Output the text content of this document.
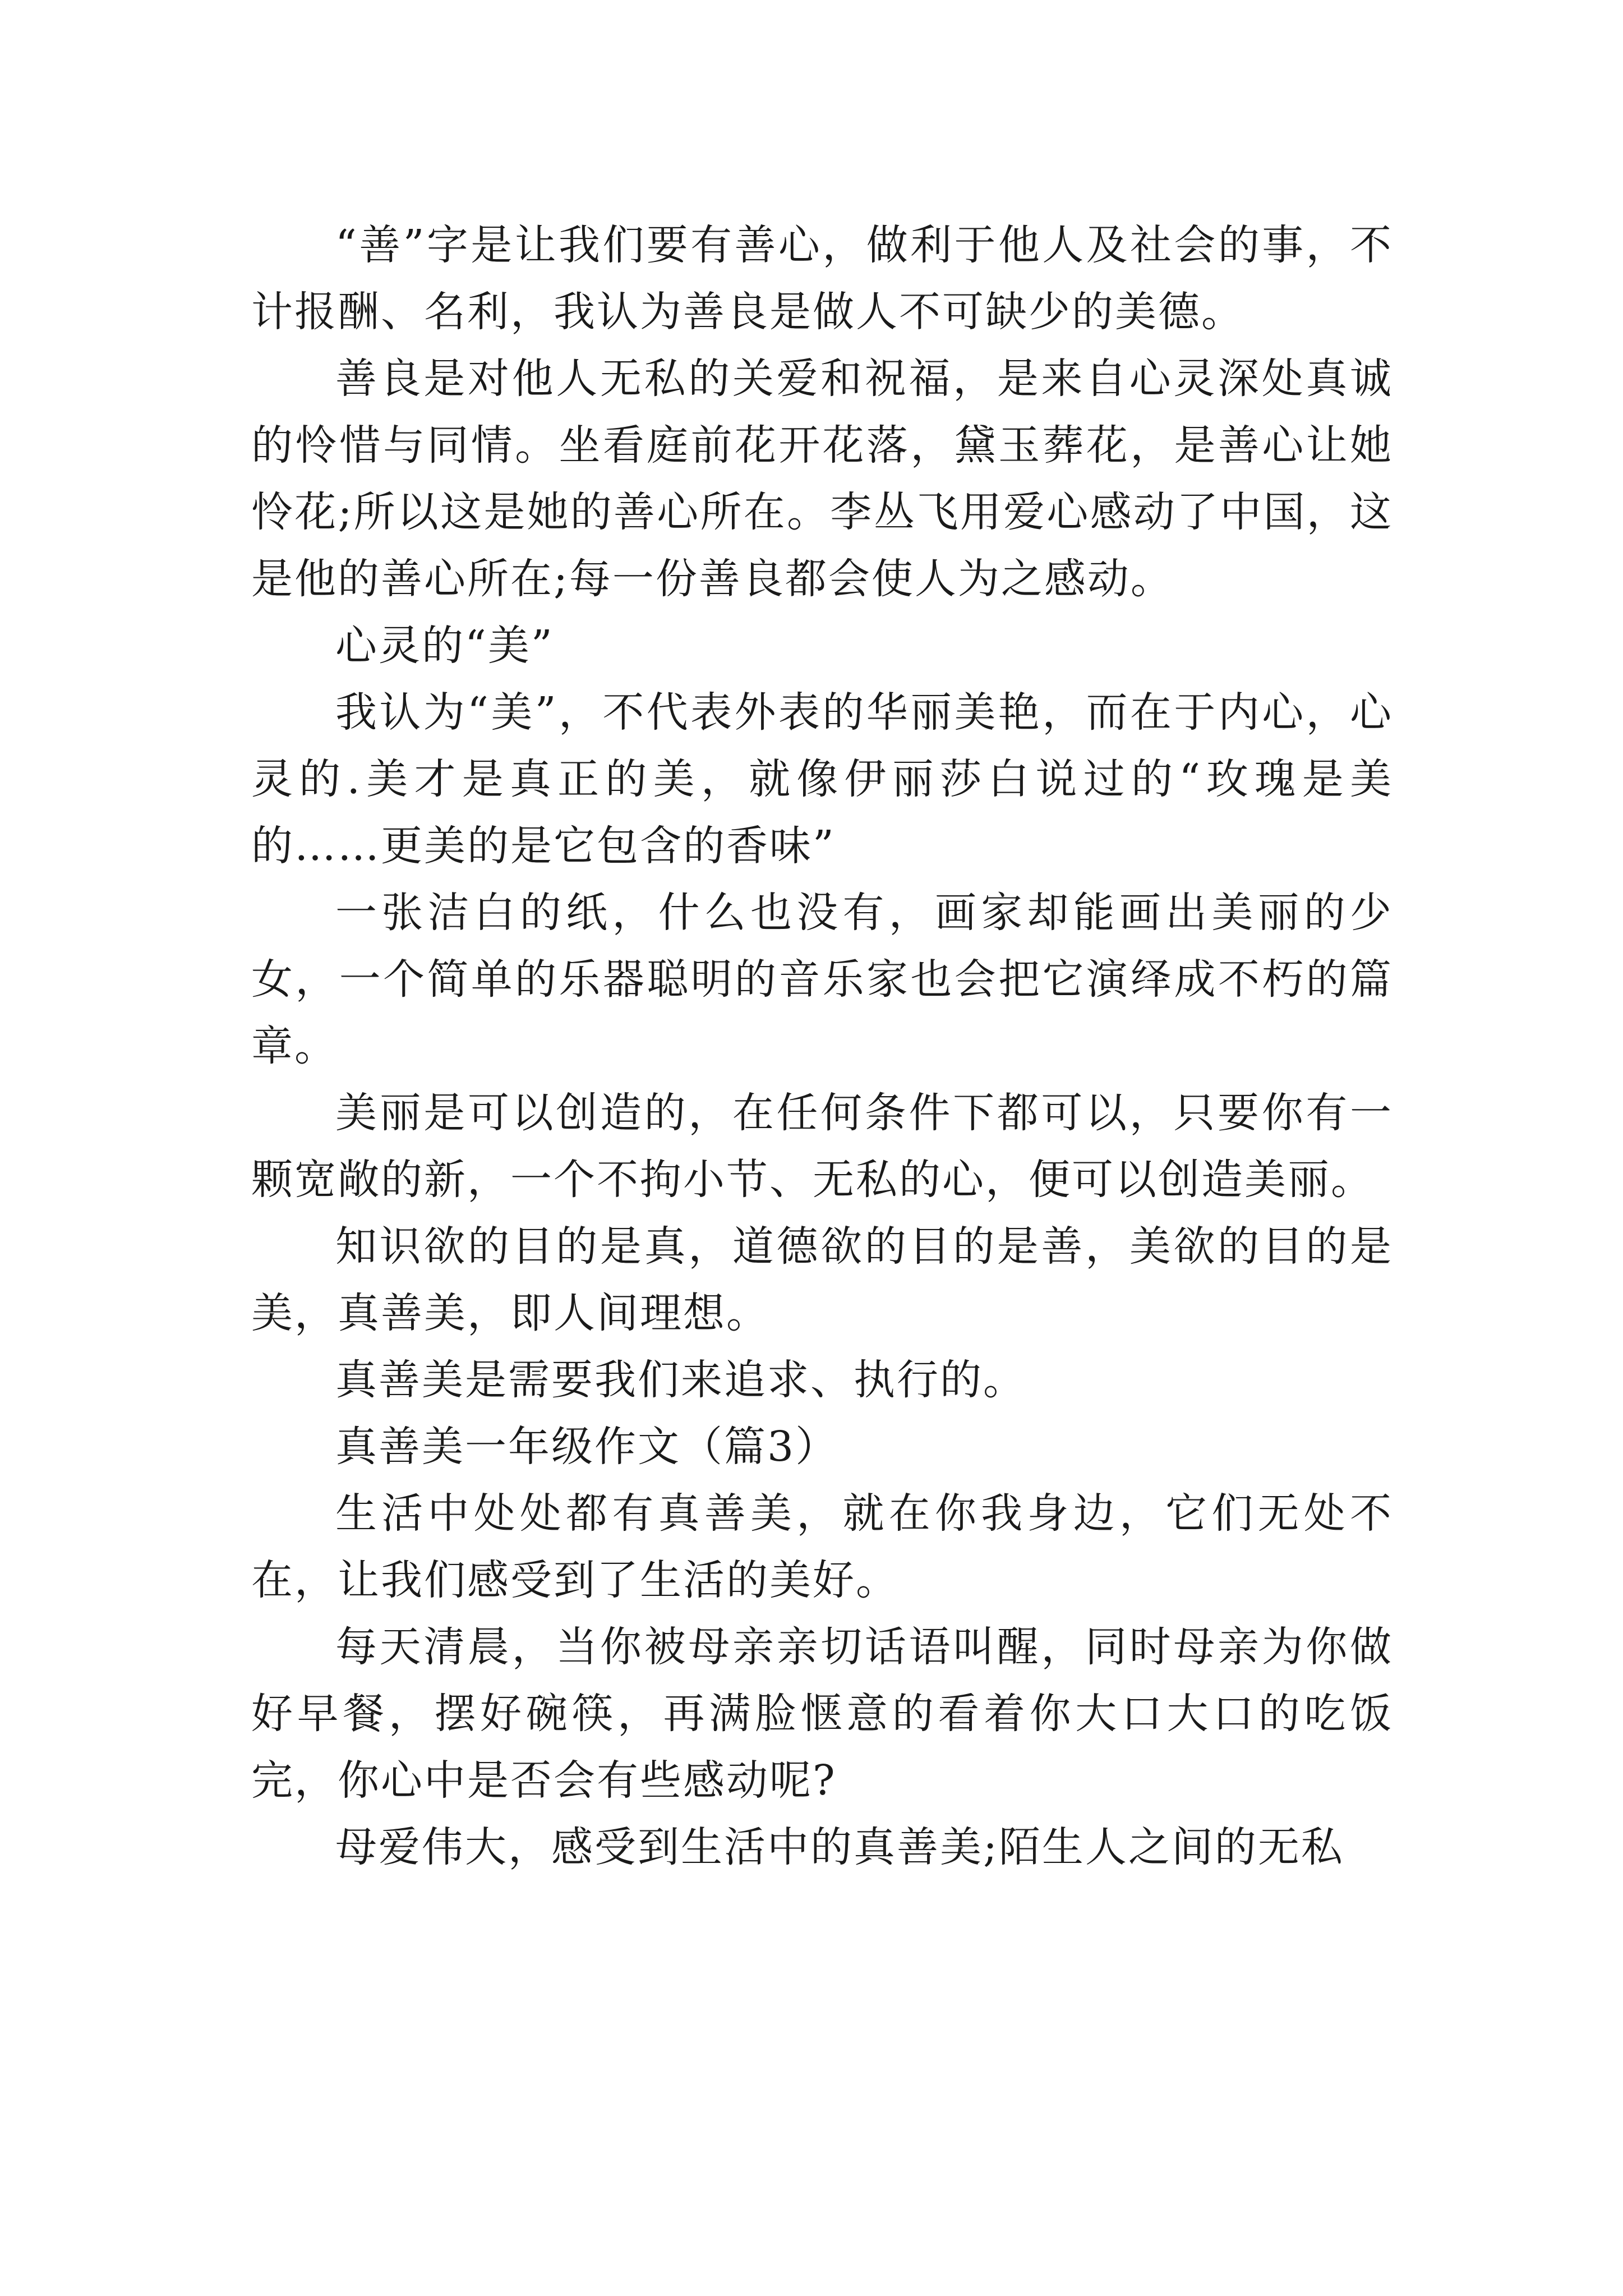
“善”字是让我们要有善心，做利于他人及社会的事，不计报酬、名利，我认为善良是做人不可缺少的美德。

善良是对他人无私的关爱和祝福，是来自心灵深处真诚的怜惜与同情。坐看庭前花开花落，黛玉葬花，是善心让她怜花;所以这是她的善心所在。李丛飞用爱心感动了中国，这是他的善心所在;每一份善良都会使人为之感动。

心灵的“美”

我认为“美”，不代表外表的华丽美艳，而在于内心，心灵的.美才是真正的美，就像伊丽莎白说过的“玫瑰是美的……更美的是它包含的香味”

一张洁白的纸，什么也没有，画家却能画出美丽的少女，一个简单的乐器聪明的音乐家也会把它演绎成不朽的篇章。

美丽是可以创造的，在任何条件下都可以，只要你有一颗宽敞的新，一个不拘小节、无私的心，便可以创造美丽。

知识欲的目的是真，道德欲的目的是善，美欲的目的是美，真善美，即人间理想。

真善美是需要我们来追求、执行的。

真善美一年级作文（篇3）

生活中处处都有真善美，就在你我身边，它们无处不在，让我们感受到了生活的美好。

每天清晨，当你被母亲亲切话语叫醒，同时母亲为你做好早餐，摆好碗筷，再满脸惬意的看着你大口大口的吃饭完，你心中是否会有些感动呢?

母爱伟大，感受到生活中的真善美;陌生人之间的无私
